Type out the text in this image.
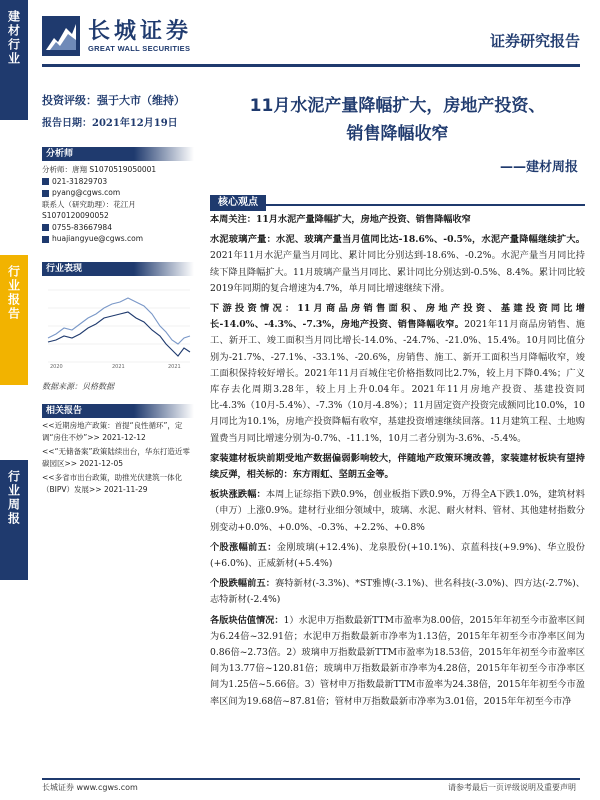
建材行业
行业报告
行业周报
长城证券
GREAT WALL SECURITIES	证券研究报告
投资评级：强于大市（维持）
报告日期：2021年12月19日
分析师
分析师：唐翔 S1070519050001
021-31829703
pyang@cgws.com
联系人（研究助理）：花江月
S1070120090052
0755-83667984
huajiangyue@cgws.com
行业表现
2020	2021	2021
数据来源：贝格数据
相关报告
<<近期房地产政策：首提“良性循环”，定调“房住不炒”>> 2021-12-12
<<“无储备案”政策陆续出台，华东打造近零碳园区>> 2021-12-05
<<多省市出台政策，助推光伏建筑一体化（BIPV）发展>> 2021-11-29
11月水泥产量降幅扩大，房地产投资、
销售降幅收窄
——建材周报
核心观点

本周关注：11月水泥产量降幅扩大，房地产投资、销售降幅收窄

水泥玻璃产量：水泥、玻璃产量当月值同比达-18.6%、-0.5%，水泥产量降幅继续扩大。2021年11月水泥产量当月同比、累计同比分别达到-18.6%、-0.2%。水泥产量当月同比持续下降且降幅扩大。11月玻璃产量当月同比、累计同比分别达到-0.5%、8.4%。累计同比较2019年同期的复合增速为4.7%，单月同比增速继续下滑。

下游投资情况：11月商品房销售面积、房地产投资、基建投资同比增长-14.0%、-4.3%、-7.3%，房地产投资、销售降幅收窄。2021年11月商品房销售、施工、新开工、竣工面积当月同比增长-14.0%、-24.7%、-21.0%、15.4%。10月同比值分别为-21.7%、-27.1%、-33.1%、-20.6%，房销售、施工、新开工面积当月降幅收窄，竣工面积保持较好增长。2021年11月百城住宅价格指数同比2.7%，较上月下降0.4%；广义库存去化周期3.28年，较上月上升0.04年。2021年11月房地产投资、基建投资同比-4.3%（10月-5.4%）、-7.3%（10月-4.8%）；11月固定资产投资完成额同比10.0%，10月同比为10.1%，房地产投资降幅有收窄，基建投资增速继续回落。11月建筑工程、土地购置费当月同比增速分别为-0.7%、-11.1%，10月二者分别为-3.6%、-5.4%。

家装建材板块前期受地产数据偏弱影响较大，伴随地产政策环境改善，家装建材板块有望持续反弹，相关标的：东方雨虹、坚朗五金等。

板块涨跌幅：本周上证综指下跌0.9%，创业板指下跌0.9%，万得全A下跌1.0%，建筑材料（申万）上涨0.9%。建材行业细分领域中，玻璃、水泥、耐火材料、管材、其他建材指数分别变动+0.0%、+0.0%、-0.3%、+2.2%、+0.8%

个股涨幅前五：金刚玻璃(+12.4%)、龙泉股份(+10.1%)、京蓝科技(+9.9%)、华立股份(+6.0%)、正威新材(+5.4%)

个股跌幅前五：赛特新材(-3.3%)、*ST雅博(-3.1%)、世名科技(-3.0%)、四方达(-2.7%)、志特新材(-2.4%)

各版块估值情况：1）水泥申万指数最新TTM市盈率为8.00倍，2015年年初至今市盈率区间为6.24倍~32.91倍；水泥申万指数最新市净率为1.13倍，2015年年初至今市净率区间为0.86倍~2.73倍。2）玻璃申万指数最新TTM市盈率为18.53倍，2015年年初至今市盈率区间为13.77倍~120.81倍；玻璃申万指数最新市净率为4.28倍，2015年年初至今市净率区间为1.25倍~5.66倍。3）管材申万指数最新TTM市盈率为24.38倍，2015年年初至今市盈率区间为19.68倍~87.81倍；管材申万指数最新市净率为3.01倍，2015年年初至今市净

长城证券 www.cgws.com	请参考最后一页评级说明及重要声明
